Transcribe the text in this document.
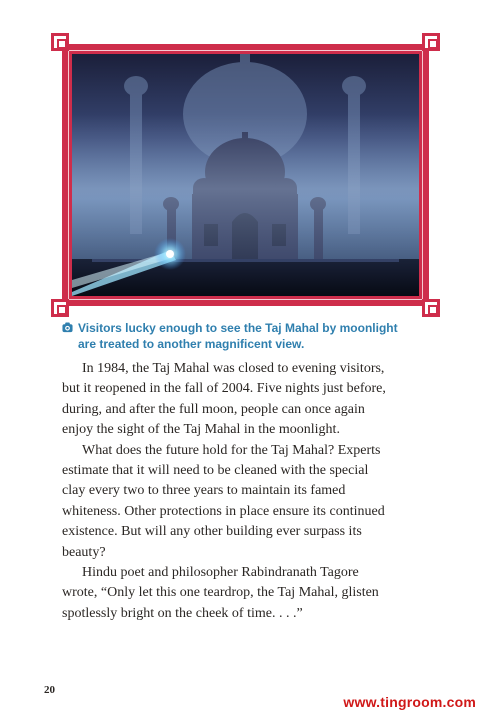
Visitors lucky enough to see the Taj Mahal by moonlight
are treated to another magnificent view.
In 1984, the Taj Mahal was closed to evening visitors,
but it reopened in the fall of 2004. Five nights just before,
during, and after the full moon, people can once again
enjoy the sight of the Taj Mahal in the moonlight.
What does the future hold for the Taj Mahal? Experts
estimate that it will need to be cleaned with the special
clay every two to three years to maintain its famed
whiteness. Other protections in place ensure its continued
existence. But will any other building ever surpass its
beauty?
Hindu poet and philosopher Rabindranath Tagore
wrote, “Only let this one teardrop, the Taj Mahal, glisten
spotlessly bright on the cheek of time. . . .”
20
www.tingroom.com
